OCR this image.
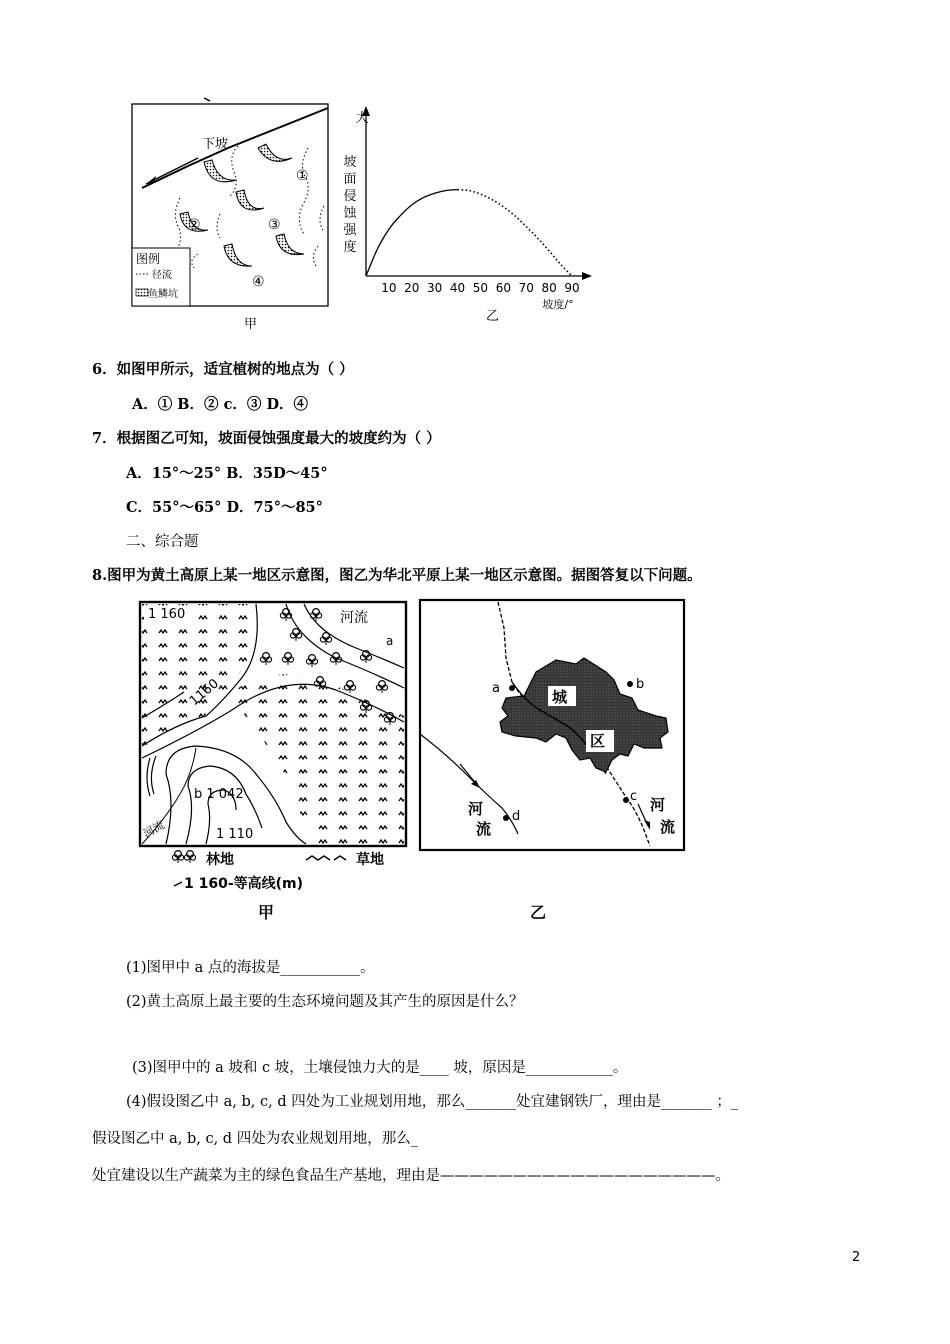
下坡
①
②	③
④
图例
径流
鱼鳞坑
甲
大
坡面侵蚀强度
10 20 30 40 50 60 70 80 90
坡度/°
乙
6．如图甲所示，适宜植树的地点为（ ）
A．① B．② c．③ D．④
7．根据图乙可知，坡面侵蚀强度最大的坡度约为（ ）
A．15°～25° B．35D～45°
C．55°～65° D．75°～85°
二、综合题
8.图甲为黄土高原上某一地区示意图，图乙为华北平原上某一地区示意图。据图答复以下问题。
河流
a
1 160
1160
b 1 042
1 110
河流
林地	草地
1 160-等高线(m)
甲
城
区
a	b
c
d
河
流
河
流
乙
(1)图甲中 a 点的海拔是___________。
(2)黄土高原上最主要的生态环境问题及其产生的原因是什么？
(3)图甲中的 a 坡和 c 坡，土壤侵蚀力大的是____ 坡，原因是____________。
(4)假设图乙中 a, b, c, d 四处为工业规划用地，那么_______处宜建钢铁厂，理由是_______ ；_
假设图乙中 a, b, c, d 四处为农业规划用地，那么_
处宜建设以生产蔬菜为主的绿色食品生产基地，理由是———————————————————。
2
